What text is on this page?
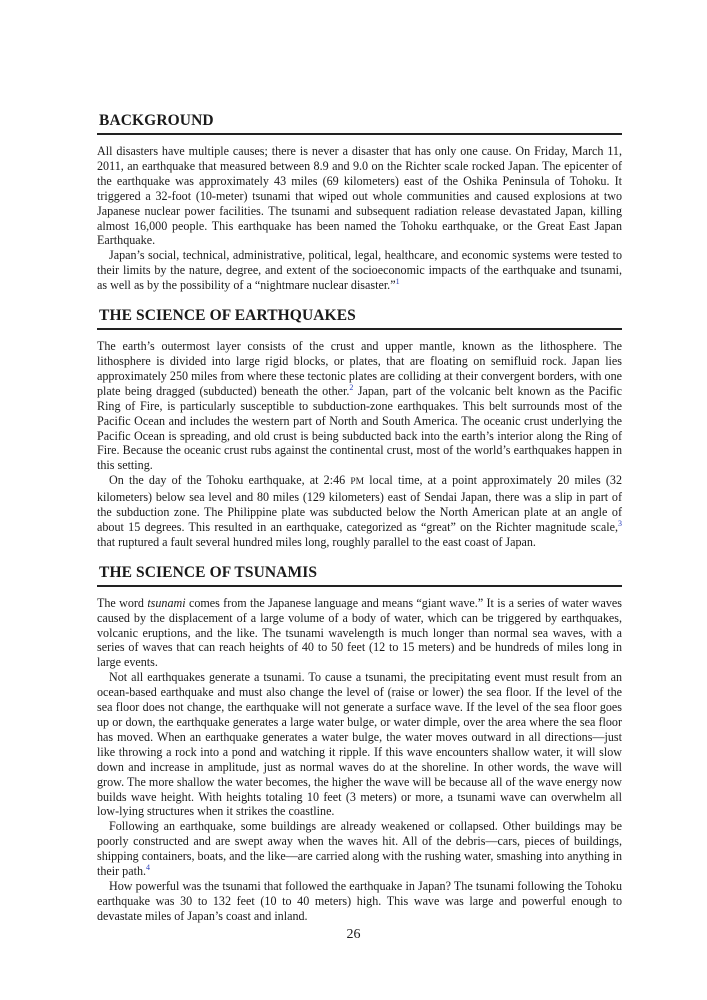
BACKGROUND

All disasters have multiple causes; there is never a disaster that has only one cause. On Friday, March 11, 2011, an earthquake that measured between 8.9 and 9.0 on the Richter scale rocked Japan. The epicenter of the earthquake was approximately 43 miles (69 kilometers) east of the Oshika Peninsula of Tohoku. It triggered a 32-foot (10-meter) tsunami that wiped out whole communities and caused explosions at two Japanese nuclear power facilities. The tsunami and subsequent radiation release devastated Japan, killing almost 16,000 people. This earthquake has been named the Tohoku earthquake, or the Great East Japan Earthquake.

Japan’s social, technical, administrative, political, legal, healthcare, and economic systems were tested to their limits by the nature, degree, and extent of the socioeconomic impacts of the earthquake and tsunami, as well as by the possibility of a “nightmare nuclear disaster.”$^1$

THE SCIENCE OF EARTHQUAKES

The earth’s outermost layer consists of the crust and upper mantle, known as the lithosphere. The lithosphere is divided into large rigid blocks, or plates, that are floating on semifluid rock. Japan lies approximately 250 miles from where these tectonic plates are colliding at their convergent borders, with one plate being dragged (subducted) beneath the other.$^2$ Japan, part of the volcanic belt known as the Pacific Ring of Fire, is particularly susceptible to subduction-zone earthquakes. This belt surrounds most of the Pacific Ocean and includes the western part of North and South America. The oceanic crust underlying the Pacific Ocean is spreading, and old crust is being subducted back into the earth’s interior along the Ring of Fire. Because the oceanic crust rubs against the continental crust, most of the world’s earthquakes happen in this setting.

On the day of the Tohoku earthquake, at 2:46 PM local time, at a point approximately 20 miles (32 kilometers) below sea level and 80 miles (129 kilometers) east of Sendai Japan, there was a slip in part of the subduction zone. The Philippine plate was subducted below the North American plate at an angle of about 15 degrees. This resulted in an earthquake, categorized as “great” on the Richter magnitude scale,$^3$ that ruptured a fault several hundred miles long, roughly parallel to the east coast of Japan.

THE SCIENCE OF TSUNAMIS

The word tsunami comes from the Japanese language and means “giant wave.” It is a series of water waves caused by the displacement of a large volume of a body of water, which can be triggered by earthquakes, volcanic eruptions, and the like. The tsunami wavelength is much longer than normal sea waves, with a series of waves that can reach heights of 40 to 50 feet (12 to 15 meters) and be hundreds of miles long in large events.

Not all earthquakes generate a tsunami. To cause a tsunami, the precipitating event must result from an ocean-based earthquake and must also change the level of (raise or lower) the sea floor. If the level of the sea floor does not change, the earthquake will not generate a surface wave. If the level of the sea floor goes up or down, the earthquake generates a large water bulge, or water dimple, over the area where the sea floor has moved. When an earthquake generates a water bulge, the water moves outward in all directions—just like throwing a rock into a pond and watching it ripple. If this wave encounters shallow water, it will slow down and increase in amplitude, just as normal waves do at the shoreline. In other words, the wave will grow. The more shallow the water becomes, the higher the wave will be because all of the wave energy now builds wave height. With heights totaling 10 feet (3 meters) or more, a tsunami wave can overwhelm all low-lying structures when it strikes the coastline.

Following an earthquake, some buildings are already weakened or collapsed. Other buildings may be poorly constructed and are swept away when the waves hit. All of the debris—cars, pieces of buildings, shipping containers, boats, and the like—are carried along with the rushing water, smashing into anything in their path.$^4$

How powerful was the tsunami that followed the earthquake in Japan? The tsunami following the Tohoku earthquake was 30 to 132 feet (10 to 40 meters) high. This wave was large and powerful enough to devastate miles of Japan’s coast and inland.

26
